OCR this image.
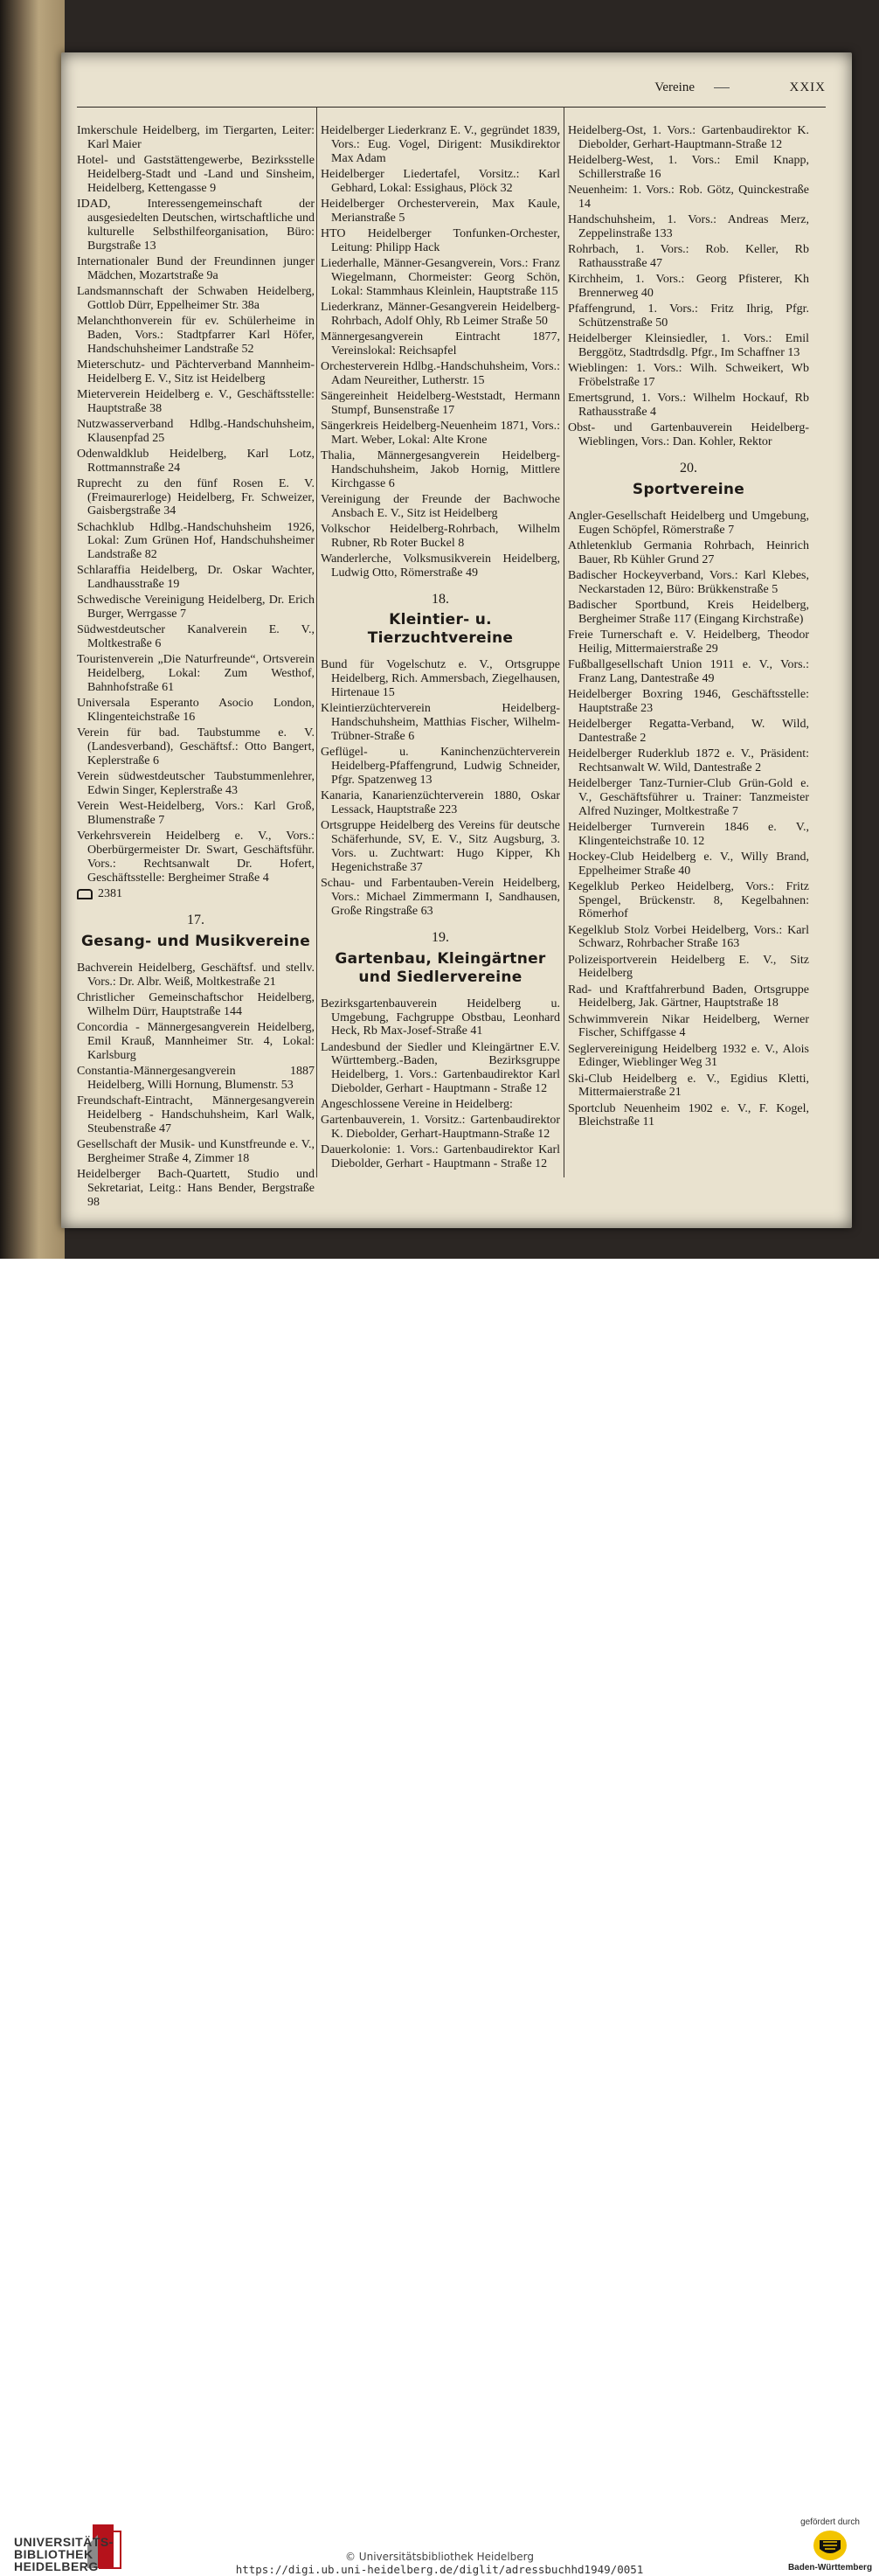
Vereine	XXIX
Imkerschule Heidelberg, im Tiergarten, Leiter: Karl Maier
Hotel- und Gaststättengewerbe, Bezirksstelle Heidelberg-Stadt und -Land und Sinsheim, Heidelberg, Kettengasse 9
IDAD, Interessengemeinschaft der ausgesiedelten Deutschen, wirtschaftliche und kulturelle Selbsthilfeorganisation, Büro: Burgstraße 13
Internationaler Bund der Freundinnen junger Mädchen, Mozartstraße 9a
Landsmannschaft der Schwaben Heidelberg, Gottlob Dürr, Eppelheimer Str. 38a
Melanchthonverein für ev. Schülerheime in Baden, Vors.: Stadtpfarrer Karl Höfer, Handschuhsheimer Landstraße 52
Mieterschutz- und Pächterverband Mannheim-Heidelberg E. V., Sitz ist Heidelberg
Mieterverein Heidelberg e. V., Geschäftsstelle: Hauptstraße 38
Nutzwasserverband Hdlbg.-Handschuhsheim, Klausenpfad 25
Odenwaldklub Heidelberg, Karl Lotz, Rottmannstraße 24
Ruprecht zu den fünf Rosen E. V. (Freimaurerloge) Heidelberg, Fr. Schweizer, Gaisbergstraße 34
Schachklub Hdlbg.-Handschuhsheim 1926, Lokal: Zum Grünen Hof, Handschuhsheimer Landstraße 82
Schlaraffia Heidelberg, Dr. Oskar Wachter, Landhausstraße 19
Schwedische Vereinigung Heidelberg, Dr. Erich Burger, Werrgasse 7
Südwestdeutscher Kanalverein E. V., Moltkestraße 6
Touristenverein „Die Naturfreunde“, Ortsverein Heidelberg, Lokal: Zum Westhof, Bahnhofstraße 61
Universala Esperanto Asocio London, Klingenteichstraße 16
Verein für bad. Taubstumme e. V. (Landesverband), Geschäftsf.: Otto Bangert, Keplerstraße 6
Verein südwestdeutscher Taubstummenlehrer, Edwin Singer, Keplerstraße 43
Verein West-Heidelberg, Vors.: Karl Groß, Blumenstraße 7
Verkehrsverein Heidelberg e. V., Vors.: Oberbürgermeister Dr. Swart, Geschäftsführ. Vors.: Rechtsanwalt Dr. Hofert, Geschäftsstelle: Bergheimer Straße 4
2381
17.
Gesang- und Musikvereine
Bachverein Heidelberg, Geschäftsf. und stellv. Vors.: Dr. Albr. Weiß, Moltkestraße 21
Christlicher Gemeinschaftschor Heidelberg, Wilhelm Dürr, Hauptstraße 144
Concordia - Männergesangverein Heidelberg, Emil Krauß, Mannheimer Str. 4, Lokal: Karlsburg
Constantia-Männergesangverein 1887 Heidelberg, Willi Hornung, Blumenstr. 53
Freundschaft-Eintracht, Männergesangverein Heidelberg - Handschuhsheim, Karl Walk, Steubenstraße 47
Gesellschaft der Musik- und Kunstfreunde e. V., Bergheimer Straße 4, Zimmer 18
Heidelberger Bach-Quartett, Studio und Sekretariat, Leitg.: Hans Bender, Bergstraße 98
Heidelberger Liederkranz E. V., gegründet 1839, Vors.: Eug. Vogel, Dirigent: Musikdirektor Max Adam
Heidelberger Liedertafel, Vorsitz.: Karl Gebhard, Lokal: Essighaus, Plöck 32
Heidelberger Orchesterverein, Max Kaule, Merianstraße 5
HTO Heidelberger Tonfunken-Orchester, Leitung: Philipp Hack
Liederhalle, Männer-Gesangverein, Vors.: Franz Wiegelmann, Chormeister: Georg Schön, Lokal: Stammhaus Kleinlein, Hauptstraße 115
Liederkranz, Männer-Gesangverein Heidelberg-Rohrbach, Adolf Ohly, Rb Leimer Straße 50
Männergesangverein Eintracht 1877, Vereinslokal: Reichsapfel
Orchesterverein Hdlbg.-Handschuhsheim, Vors.: Adam Neureither, Lutherstr. 15
Sängereinheit Heidelberg-Weststadt, Hermann Stumpf, Bunsenstraße 17
Sängerkreis Heidelberg-Neuenheim 1871, Vors.: Mart. Weber, Lokal: Alte Krone
Thalia, Männergesangverein Heidelberg-Handschuhsheim, Jakob Hornig, Mittlere Kirchgasse 6
Vereinigung der Freunde der Bachwoche Ansbach E. V., Sitz ist Heidelberg
Volkschor Heidelberg-Rohrbach, Wilhelm Rubner, Rb Roter Buckel 8
Wanderlerche, Volksmusikverein Heidelberg, Ludwig Otto, Römerstraße 49
18.
Kleintier- u. Tierzuchtvereine
Bund für Vogelschutz e. V., Ortsgruppe Heidelberg, Rich. Ammersbach, Ziegelhausen, Hirtenaue 15
Kleintierzüchterverein Heidelberg-Handschuhsheim, Matthias Fischer, Wilhelm-Trübner-Straße 6
Geflügel- u. Kaninchenzüchterverein Heidelberg-Pfaffengrund, Ludwig Schneider, Pfgr. Spatzenweg 13
Kanaria, Kanarienzüchterverein 1880, Oskar Lessack, Hauptstraße 223
Ortsgruppe Heidelberg des Vereins für deutsche Schäferhunde, SV, E. V., Sitz Augsburg, 3. Vors. u. Zuchtwart: Hugo Kipper, Kh Hegenichstraße 37
Schau- und Farbentauben-Verein Heidelberg, Vors.: Michael Zimmermann I, Sandhausen, Große Ringstraße 63
19.
Gartenbau, Kleingärtner und Siedlervereine
Bezirksgartenbauverein Heidelberg u. Umgebung, Fachgruppe Obstbau, Leonhard Heck, Rb Max-Josef-Straße 41
Landesbund der Siedler und Kleingärtner E.V. Württemberg.-Baden, Bezirksgruppe Heidelberg, 1. Vors.: Gartenbaudirektor Karl Diebolder, Gerhart - Hauptmann - Straße 12
Angeschlossene Vereine in Heidelberg:
Gartenbauverein, 1. Vorsitz.: Gartenbaudirektor K. Diebolder, Gerhart-Hauptmann-Straße 12
Dauerkolonie: 1. Vors.: Gartenbaudirektor Karl Diebolder, Gerhart - Hauptmann - Straße 12
Heidelberg-Ost, 1. Vors.: Gartenbaudirektor K. Diebolder, Gerhart-Hauptmann-Straße 12
Heidelberg-West, 1. Vors.: Emil Knapp, Schillerstraße 16
Neuenheim: 1. Vors.: Rob. Götz, Quinckestraße 14
Handschuhsheim, 1. Vors.: Andreas Merz, Zeppelinstraße 133
Rohrbach, 1. Vors.: Rob. Keller, Rb Rathausstraße 47
Kirchheim, 1. Vors.: Georg Pfisterer, Kh Brennerweg 40
Pfaffengrund, 1. Vors.: Fritz Ihrig, Pfgr. Schützenstraße 50
Heidelberger Kleinsiedler, 1. Vors.: Emil Berggötz, Stadtrdsdlg. Pfgr., Im Schaffner 13
Wieblingen: 1. Vors.: Wilh. Schweikert, Wb Fröbelstraße 17
Emertsgrund, 1. Vors.: Wilhelm Hockauf, Rb Rathausstraße 4
Obst- und Gartenbauverein Heidelberg-Wieblingen, Vors.: Dan. Kohler, Rektor
20.
Sportvereine
Angler-Gesellschaft Heidelberg und Umgebung, Eugen Schöpfel, Römerstraße 7
Athletenklub Germania Rohrbach, Heinrich Bauer, Rb Kühler Grund 27
Badischer Hockeyverband, Vors.: Karl Klebes, Neckarstaden 12, Büro: Brükkenstraße 5
Badischer Sportbund, Kreis Heidelberg, Bergheimer Straße 117 (Eingang Kirchstraße)
Freie Turnerschaft e. V. Heidelberg, Theodor Heilig, Mittermaierstraße 29
Fußballgesellschaft Union 1911 e. V., Vors.: Franz Lang, Dantestraße 49
Heidelberger Boxring 1946, Geschäftsstelle: Hauptstraße 23
Heidelberger Regatta-Verband, W. Wild, Dantestraße 2
Heidelberger Ruderklub 1872 e. V., Präsident: Rechtsanwalt W. Wild, Dantestraße 2
Heidelberger Tanz-Turnier-Club Grün-Gold e. V., Geschäftsführer u. Trainer: Tanzmeister Alfred Nuzinger, Moltkestraße 7
Heidelberger Turnverein 1846 e. V., Klingenteichstraße 10. 12
Hockey-Club Heidelberg e. V., Willy Brand, Eppelheimer Straße 40
Kegelklub Perkeo Heidelberg, Vors.: Fritz Spengel, Brückenstr. 8, Kegelbahnen: Römerhof
Kegelklub Stolz Vorbei Heidelberg, Vors.: Karl Schwarz, Rohrbacher Straße 163
Polizeisportverein Heidelberg E. V., Sitz Heidelberg
Rad- und Kraftfahrerbund Baden, Ortsgruppe Heidelberg, Jak. Gärtner, Hauptstraße 18
Schwimmverein Nikar Heidelberg, Werner Fischer, Schiffgasse 4
Seglervereinigung Heidelberg 1932 e. V., Alois Edinger, Wieblinger Weg 31
Ski-Club Heidelberg e. V., Egidius Kletti, Mittermaierstraße 21
Sportclub Neuenheim 1902 e. V., F. Kogel, Bleichstraße 11
UNIVERSITÄTS-
BIBLIOTHEK
HEIDELBERG
© Universitätsbibliothek Heidelberg
https://digi.ub.uni-heidelberg.de/diglit/adressbuchhd1949/0051
gefördert durch
Baden-Württemberg
